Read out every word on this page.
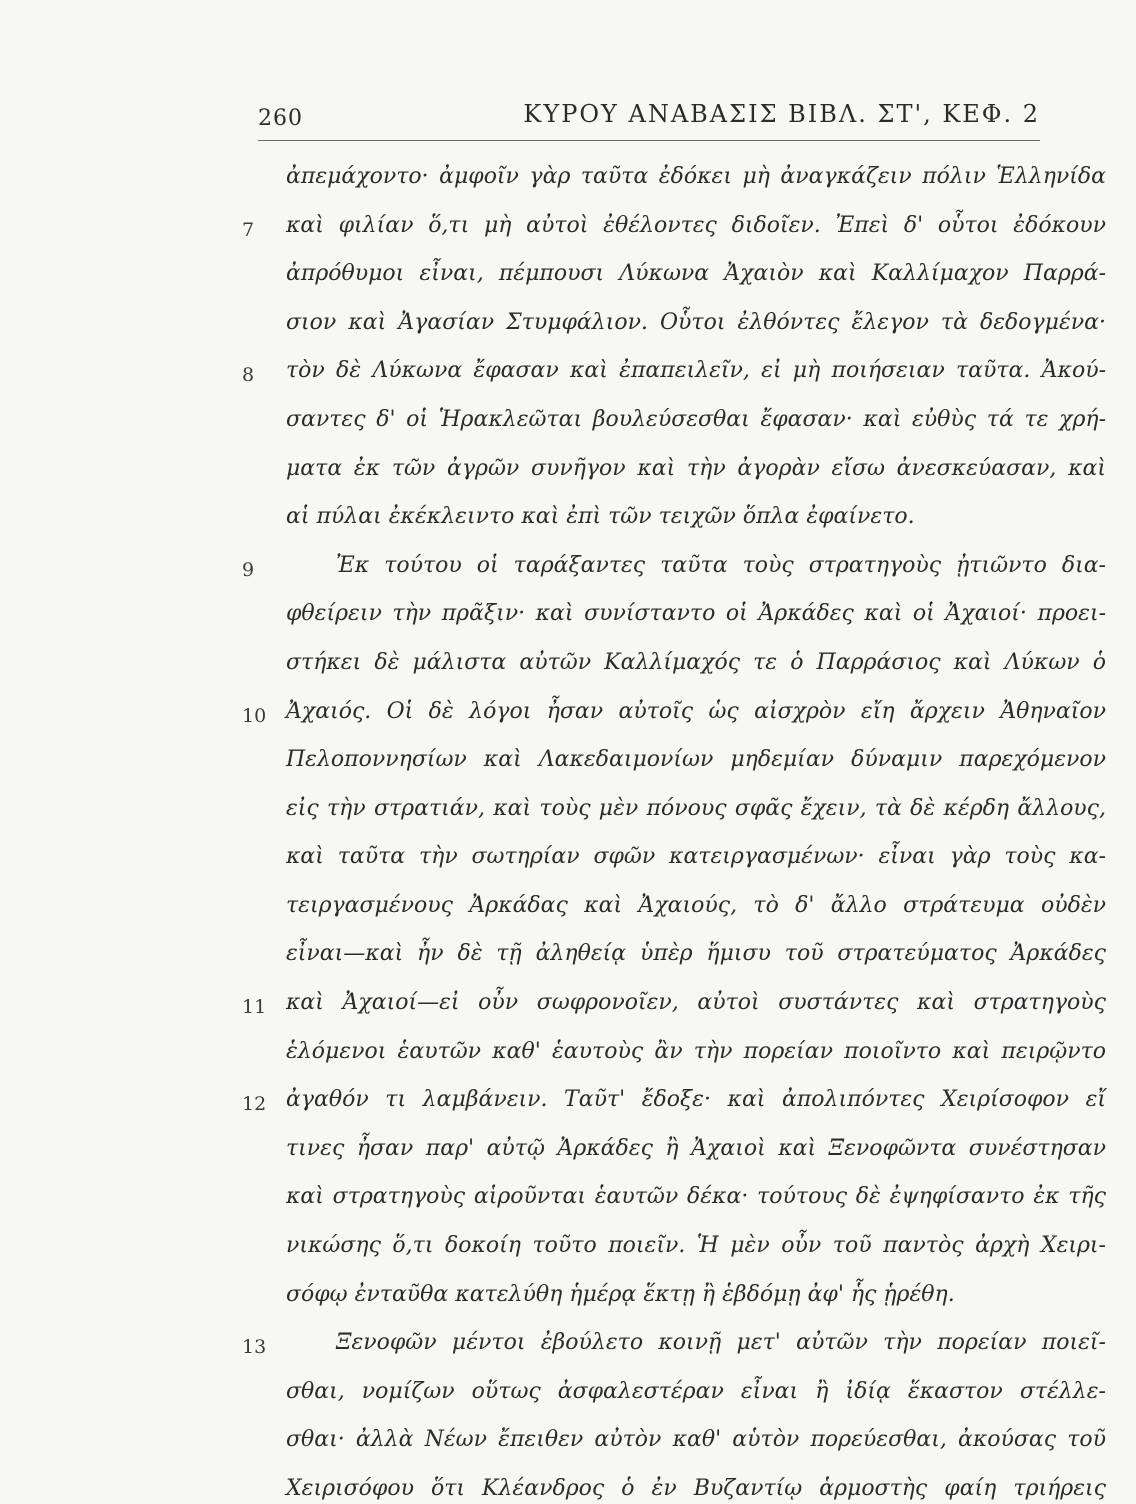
260	ΚΥΡΟΥ ΑΝΑΒΑΣΙΣ ΒΙΒΛ. ΣΤ', ΚΕΦ. 2
ἀπεμάχοντο· ἀμφοῖν γὰρ ταῦτα ἐδόκει μὴ ἀναγκάζειν πόλιν Ἑλληνίδα
καὶ φιλίαν ὅ,τι μὴ αὐτοὶ ἐθέλοντες διδοῖεν. Ἐπεὶ δ' οὗτοι ἐδόκουν
ἀπρόθυμοι εἶναι, πέμπουσι Λύκωνα Ἀχαιὸν καὶ Καλλίμαχον Παρρά-
σιον καὶ Ἀγασίαν Στυμφάλιον. Οὗτοι ἐλθόντες ἔλεγον τὰ δεδογμένα·
τὸν δὲ Λύκωνα ἔφασαν καὶ ἐπαπειλεῖν, εἰ μὴ ποιήσειαν ταῦτα. Ἀκού-
σαντες δ' οἱ Ἡρακλεῶται βουλεύσεσθαι ἔφασαν· καὶ εὐθὺς τά τε χρή-
ματα ἐκ τῶν ἀγρῶν συνῆγον καὶ τὴν ἀγορὰν εἴσω ἀνεσκεύασαν, καὶ
αἱ πύλαι ἐκέκλειντο καὶ ἐπὶ τῶν τειχῶν ὅπλα ἐφαίνετο.
Ἐκ τούτου οἱ ταράξαντες ταῦτα τοὺς στρατηγοὺς ᾐτιῶντο δια-
φθείρειν τὴν πρᾶξιν· καὶ συνίσταντο οἱ Ἀρκάδες καὶ οἱ Ἀχαιοί· προει-
στήκει δὲ μάλιστα αὐτῶν Καλλίμαχός τε ὁ Παρράσιος καὶ Λύκων ὁ
Ἀχαιός. Οἱ δὲ λόγοι ἦσαν αὐτοῖς ὡς αἰσχρὸν εἴη ἄρχειν Ἀθηναῖον
Πελοποννησίων καὶ Λακεδαιμονίων μηδεμίαν δύναμιν παρεχόμενον
εἰς τὴν στρατιάν, καὶ τοὺς μὲν πόνους σφᾶς ἔχειν, τὰ δὲ κέρδη ἄλλους,
καὶ ταῦτα τὴν σωτηρίαν σφῶν κατειργασμένων· εἶναι γὰρ τοὺς κα-
τειργασμένους Ἀρκάδας καὶ Ἀχαιούς, τὸ δ' ἄλλο στράτευμα οὐδὲν
εἶναι—καὶ ἦν δὲ τῇ ἀληθείᾳ ὑπὲρ ἥμισυ τοῦ στρατεύματος Ἀρκάδες
καὶ Ἀχαιοί—εἰ οὖν σωφρονοῖεν, αὐτοὶ συστάντες καὶ στρατηγοὺς
ἑλόμενοι ἑαυτῶν καθ' ἑαυτοὺς ἂν τὴν πορείαν ποιοῖντο καὶ πειρῷντο
ἀγαθόν τι λαμβάνειν. Ταῦτ' ἔδοξε· καὶ ἀπολιπόντες Χειρίσοφον εἴ
τινες ἦσαν παρ' αὐτῷ Ἀρκάδες ἢ Ἀχαιοὶ καὶ Ξενοφῶντα συνέστησαν
καὶ στρατηγοὺς αἱροῦνται ἑαυτῶν δέκα· τούτους δὲ ἐψηφίσαντο ἐκ τῆς
νικώσης ὅ,τι δοκοίη τοῦτο ποιεῖν. Ἡ μὲν οὖν τοῦ παντὸς ἀρχὴ Χειρι-
σόφῳ ἐνταῦθα κατελύθη ἡμέρᾳ ἕκτῃ ἢ ἑβδόμῃ ἀφ' ἧς ᾑρέθη.
Ξενοφῶν μέντοι ἐβούλετο κοινῇ μετ' αὐτῶν τὴν πορείαν ποιεῖ-
σθαι, νομίζων οὕτως ἀσφαλεστέραν εἶναι ἢ ἰδίᾳ ἕκαστον στέλλε-
σθαι· ἀλλὰ Νέων ἔπειθεν αὐτὸν καθ' αὑτὸν πορεύεσθαι, ἀκούσας τοῦ
Χειρισόφου ὅτι Κλέανδρος ὁ ἐν Βυζαντίῳ ἁρμοστὴς φαίη τριήρεις
7
8
9
10
11
12
13
